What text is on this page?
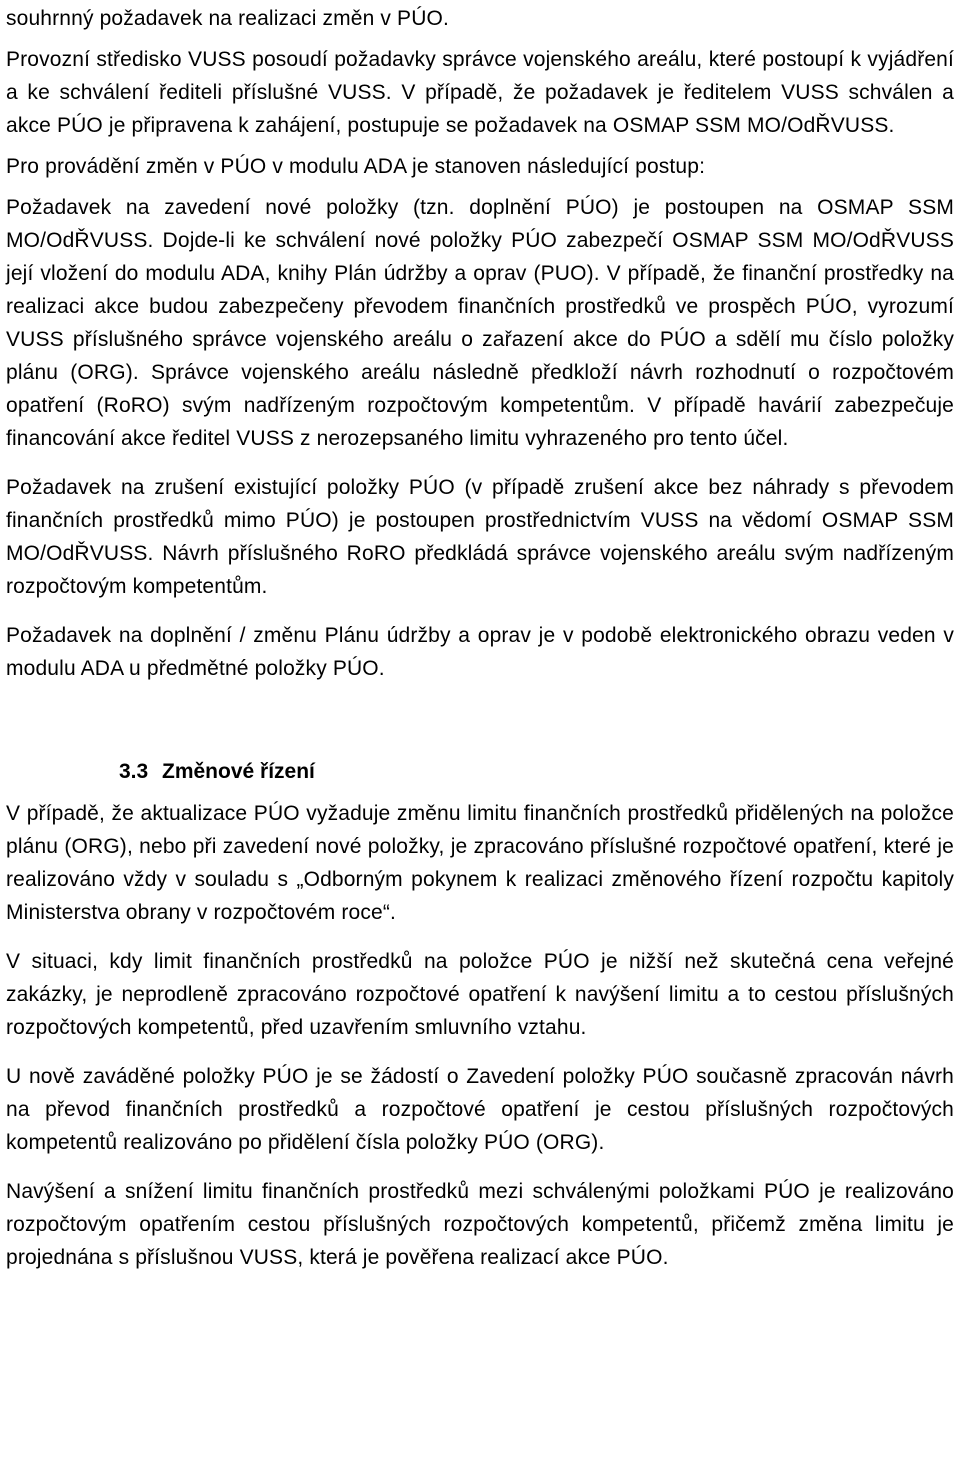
souhrnný požadavek na realizaci změn v PÚO.

Provozní středisko VUSS posoudí požadavky správce vojenského areálu, které postoupí k vyjádření a ke schválení řediteli příslušné VUSS. V případě, že požadavek je ředitelem VUSS schválen a akce PÚO je připravena k zahájení, postupuje se požadavek na OSMAP SSM MO/OdŘVUSS.

Pro provádění změn v PÚO v modulu ADA je stanoven následující postup:

Požadavek na zavedení nové položky (tzn. doplnění PÚO) je postoupen na OSMAP SSM MO/OdŘVUSS. Dojde-li ke schválení nové položky PÚO zabezpečí OSMAP SSM MO/OdŘVUSS její vložení do modulu ADA, knihy Plán údržby a oprav (PUO). V případě, že finanční prostředky na realizaci akce budou zabezpečeny převodem finančních prostředků ve prospěch PÚO, vyrozumí VUSS příslušného správce vojenského areálu o zařazení akce do PÚO a sdělí mu číslo položky plánu (ORG). Správce vojenského areálu následně předkloží návrh rozhodnutí o rozpočtovém opatření (RoRO) svým nadřízeným rozpočtovým kompetentům. V případě havárií zabezpečuje financování akce ředitel VUSS z nerozepsaného limitu vyhrazeného pro tento účel.

Požadavek na zrušení existující položky PÚO (v případě zrušení akce bez náhrady s převodem finančních prostředků mimo PÚO) je postoupen prostřednictvím VUSS na vědomí OSMAP SSM MO/OdŘVUSS. Návrh příslušného RoRO předkládá správce vojenského areálu svým nadřízeným rozpočtovým kompetentům.

Požadavek na doplnění / změnu Plánu údržby a oprav je v podobě elektronického obrazu veden v modulu ADA u předmětné položky PÚO.

3.3 Změnové řízení

V případě, že aktualizace PÚO vyžaduje změnu limitu finančních prostředků přidělených na položce plánu (ORG), nebo při zavedení nové položky, je zpracováno příslušné rozpočtové opatření, které je realizováno vždy v souladu s „Odborným pokynem k realizaci změnového řízení rozpočtu kapitoly Ministerstva obrany v rozpočtovém roce“.

V situaci, kdy limit finančních prostředků na položce PÚO je nižší než skutečná cena veřejné zakázky, je neprodleně zpracováno rozpočtové opatření k navýšení limitu a to cestou příslušných rozpočtových kompetentů, před uzavřením smluvního vztahu.

U nově zaváděné položky PÚO je se žádostí o Zavedení položky PÚO současně zpracován návrh na převod finančních prostředků a rozpočtové opatření je cestou příslušných rozpočtových kompetentů realizováno po přidělení čísla položky PÚO (ORG).

Navýšení a snížení limitu finančních prostředků mezi schválenými položkami PÚO je realizováno rozpočtovým opatřením cestou příslušných rozpočtových kompetentů, přičemž změna limitu je projednána s příslušnou VUSS, která je pověřena realizací akce PÚO.
